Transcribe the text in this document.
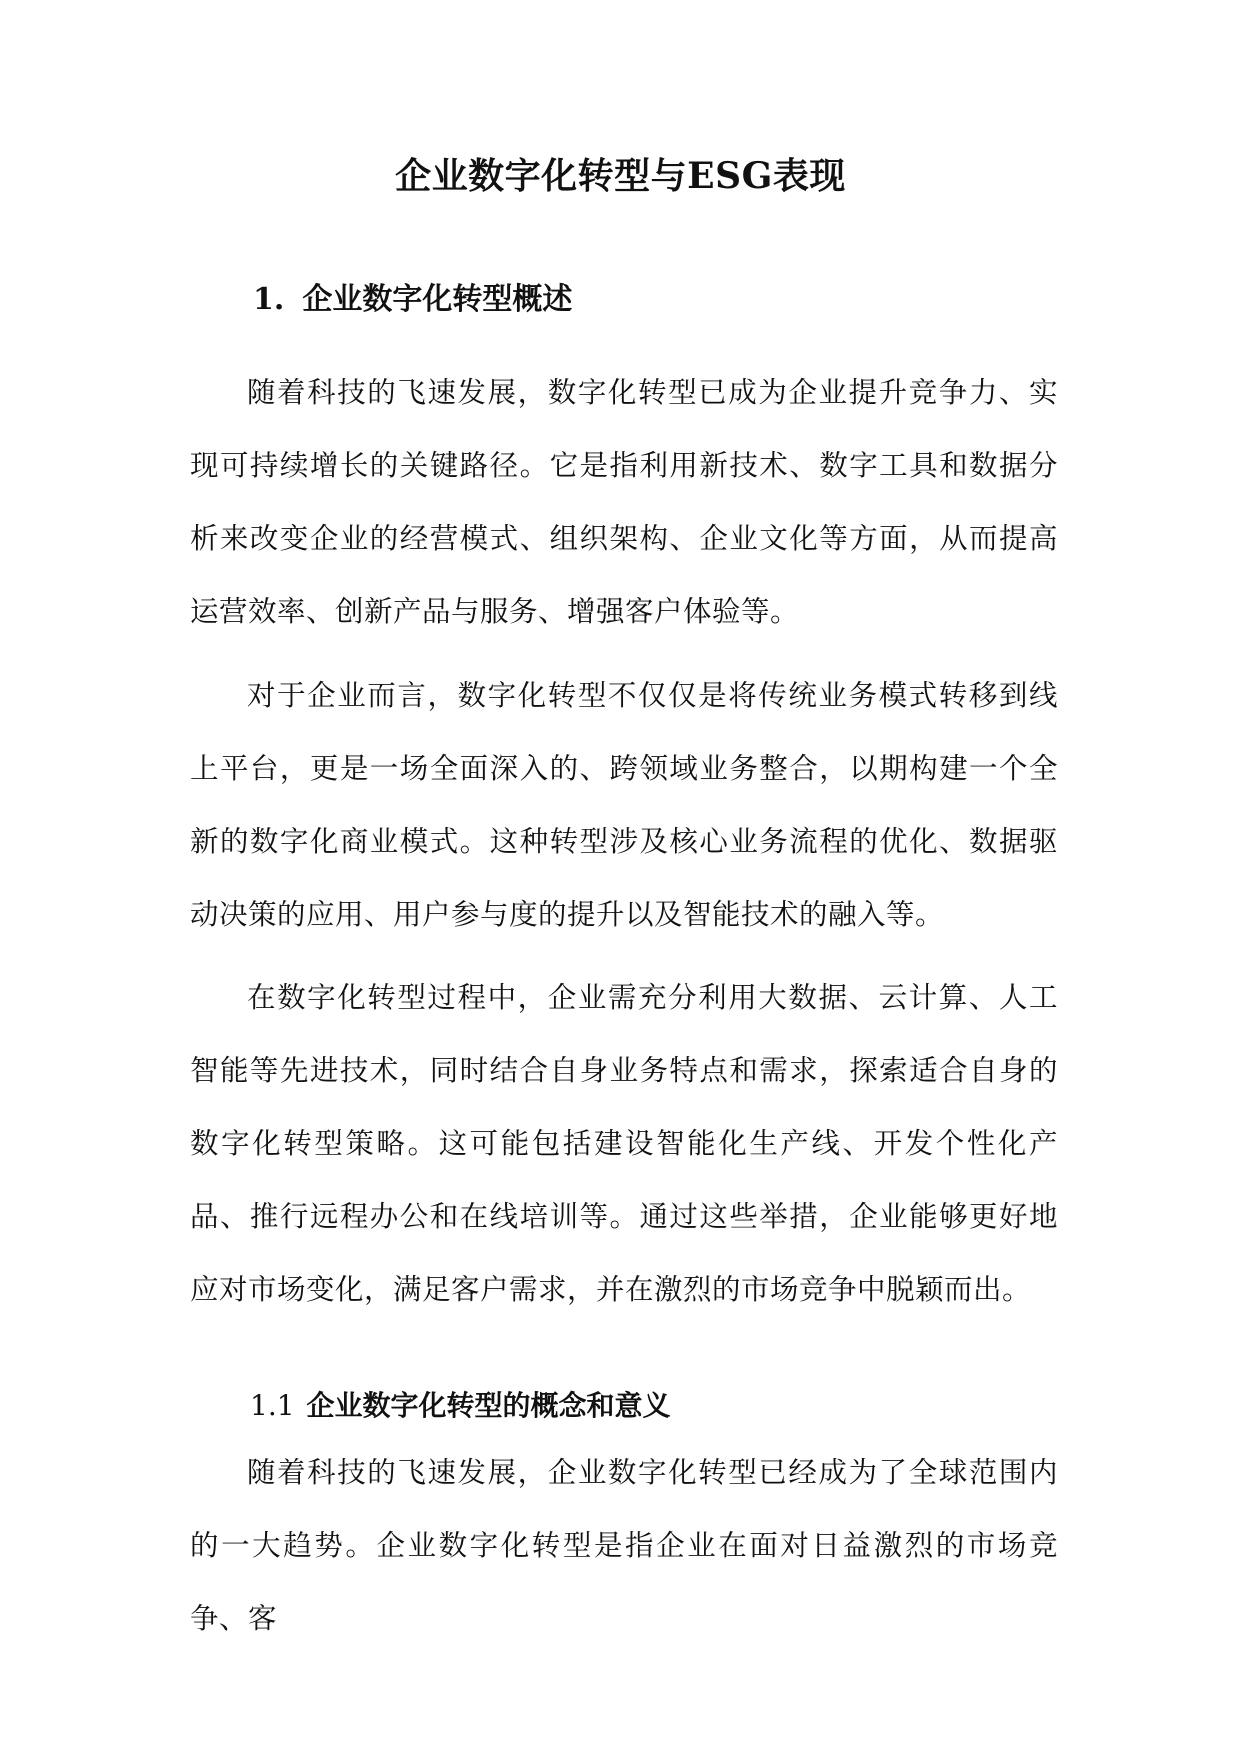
企业数字化转型与ESG表现
1. 企业数字化转型概述

随着科技的飞速发展，数字化转型已成为企业提升竞争力、实现可持续增长的关键路径。它是指利用新技术、数字工具和数据分析来改变企业的经营模式、组织架构、企业文化等方面，从而提高运营效率、创新产品与服务、增强客户体验等。

对于企业而言，数字化转型不仅仅是将传统业务模式转移到线上平台，更是一场全面深入的、跨领域业务整合，以期构建一个全新的数字化商业模式。这种转型涉及核心业务流程的优化、数据驱动决策的应用、用户参与度的提升以及智能技术的融入等。

在数字化转型过程中，企业需充分利用大数据、云计算、人工智能等先进技术，同时结合自身业务特点和需求，探索适合自身的数字化转型策略。这可能包括建设智能化生产线、开发个性化产品、推行远程办公和在线培训等。通过这些举措，企业能够更好地应对市场变化，满足客户需求，并在激烈的市场竞争中脱颖而出。

1.1 企业数字化转型的概念和意义

随着科技的飞速发展，企业数字化转型已经成为了全球范围内的一大趋势。企业数字化转型是指企业在面对日益激烈的市场竞争、客
